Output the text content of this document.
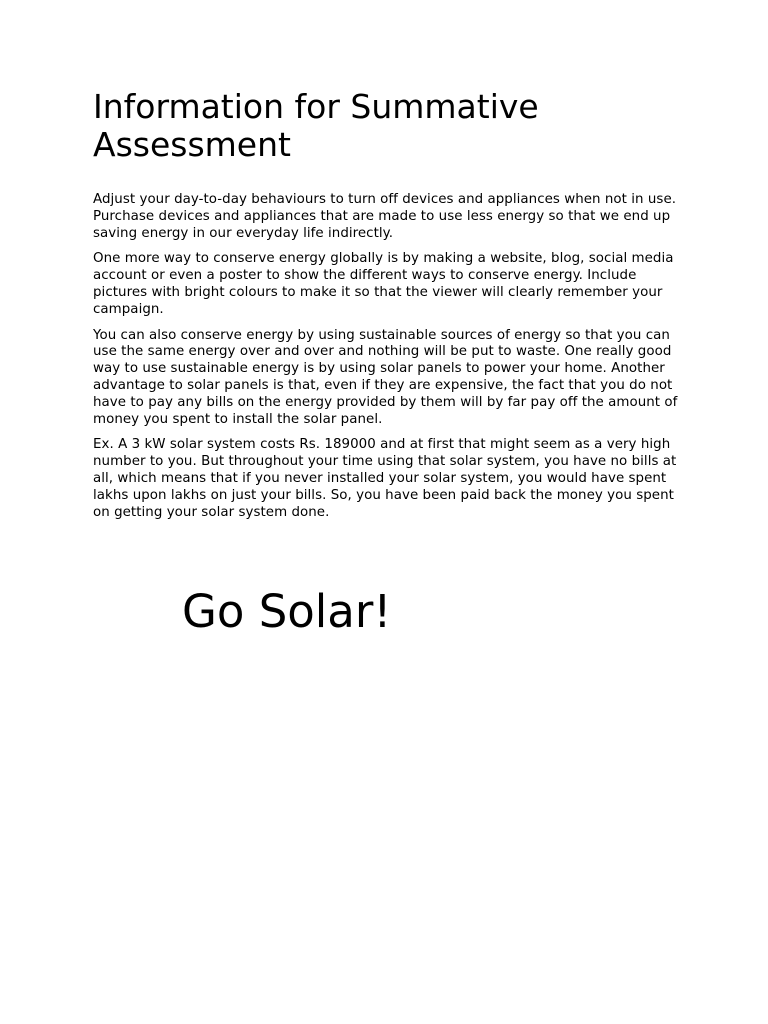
Information for Summative Assessment

Adjust your day-to-day behaviours to turn off devices and appliances when not in use. Purchase devices and appliances that are made to use less energy so that we end up saving energy in our everyday life indirectly.

One more way to conserve energy globally is by making a website, blog, social media account or even a poster to show the different ways to conserve energy. Include pictures with bright colours to make it so that the viewer will clearly remember your campaign.

You can also conserve energy by using sustainable sources of energy so that you can use the same energy over and over and nothing will be put to waste. One really good way to use sustainable energy is by using solar panels to power your home. Another advantage to solar panels is that, even if they are expensive, the fact that you do not have to pay any bills on the energy provided by them will by far pay off the amount of money you spent to install the solar panel.

Ex. A 3 kW solar system costs Rs. 189000 and at first that might seem as a very high number to you. But throughout your time using that solar system, you have no bills at all, which means that if you never installed your solar system, you would have spent lakhs upon lakhs on just your bills. So, you have been paid back the money you spent on getting your solar system done.

Go Solar!
